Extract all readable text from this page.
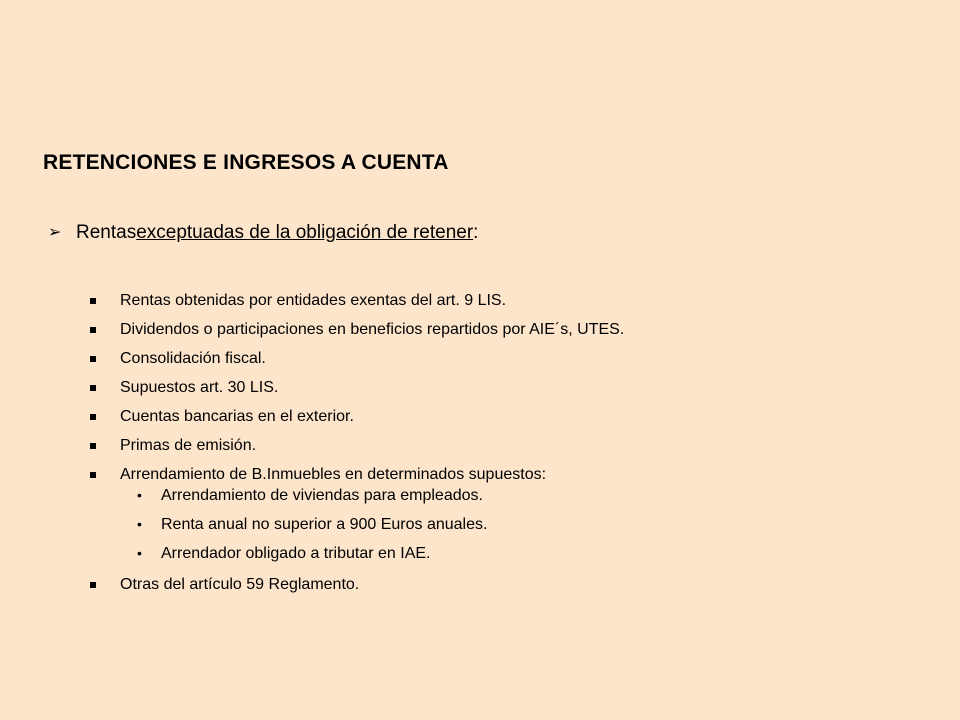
RETENCIONES E INGRESOS A CUENTA
➢ Rentas exceptuadas de la obligación de retener :
Rentas obtenidas por entidades exentas del art. 9 LIS.
Dividendos o participaciones en beneficios repartidos por AIE´s, UTES.
Consolidación fiscal.
Supuestos art. 30 LIS.
Cuentas bancarias en el exterior.
Primas de emisión.
Arrendamiento de B.Inmuebles en determinados supuestos:
•	Arrendamiento de viviendas para empleados.
•	Renta anual no superior a 900 Euros anuales.
•	Arrendador obligado a tributar en IAE.
Otras del artículo 59 Reglamento.
